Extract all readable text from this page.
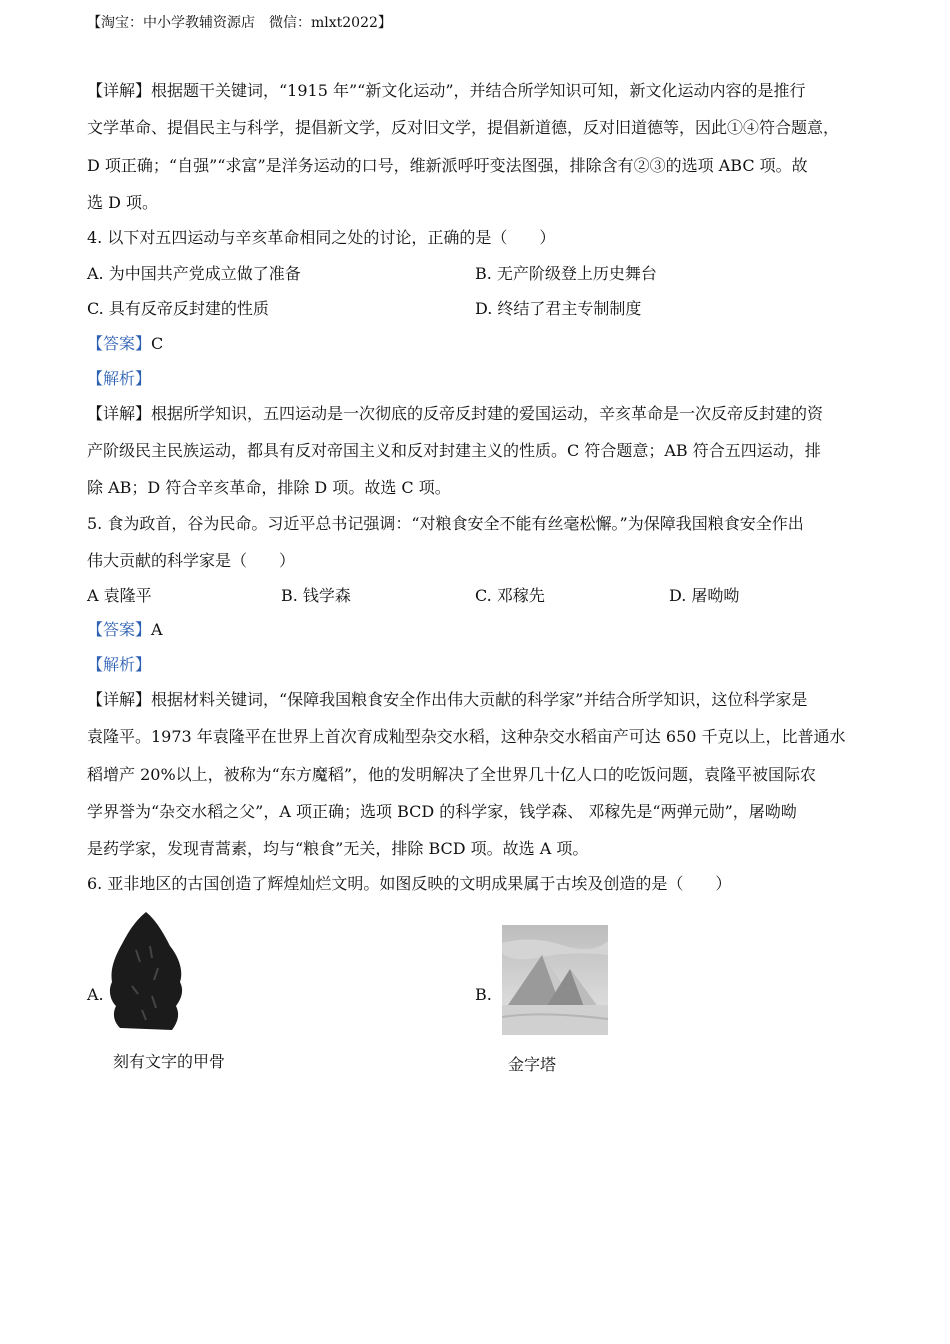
【淘宝：中小学教辅资源店　微信：mlxt2022】
【详解】根据题干关键词，“1915 年”“新文化运动”，并结合所学知识可知，新文化运动内容的是推行
文学革命、提倡民主与科学，提倡新文学，反对旧文学，提倡新道德，反对旧道德等，因此①④符合题意，
D 项正确；“自强”“求富”是洋务运动的口号，维新派呼吁变法图强，排除含有②③的选项 ABC 项。故
选 D 项。
4. 以下对五四运动与辛亥革命相同之处的讨论，正确的是（　　）
A. 为中国共产党成立做了准备	B. 无产阶级登上历史舞台
C. 具有反帝反封建的性质	D. 终结了君主专制制度
【答案】C
【解析】
【详解】根据所学知识，五四运动是一次彻底的反帝反封建的爱国运动，辛亥革命是一次反帝反封建的资
产阶级民主民族运动，都具有反对帝国主义和反对封建主义的性质。C 符合题意；AB 符合五四运动，排
除 AB；D 符合辛亥革命，排除 D 项。故选 C 项。
5. 食为政首，谷为民命。习近平总书记强调：“对粮食安全不能有丝毫松懈。”为保障我国粮食安全作出
伟大贡献的科学家是（　　）
A 袁隆平	B. 钱学森	C. 邓稼先	D. 屠呦呦
【答案】A
【解析】
【详解】根据材料关键词，“保障我国粮食安全作出伟大贡献的科学家”并结合所学知识，这位科学家是
袁隆平。1973 年袁隆平在世界上首次育成籼型杂交水稻，这种杂交水稻亩产可达 650 千克以上，比普通水
稻增产 20%以上，被称为“东方魔稻”，他的发明解决了全世界几十亿人口的吃饭问题，袁隆平被国际农
学界誉为“杂交水稻之父”，A 项正确；选项 BCD 的科学家，钱学森、 邓稼先是“两弹元勋”，屠呦呦
是药学家，发现青蒿素，均与“粮食”无关，排除 BCD 项。故选 A 项。
6. 亚非地区的古国创造了辉煌灿烂文明。如图反映的文明成果属于古埃及创造的是（　　）
A.
刻有文字的甲骨
B.
金字塔
